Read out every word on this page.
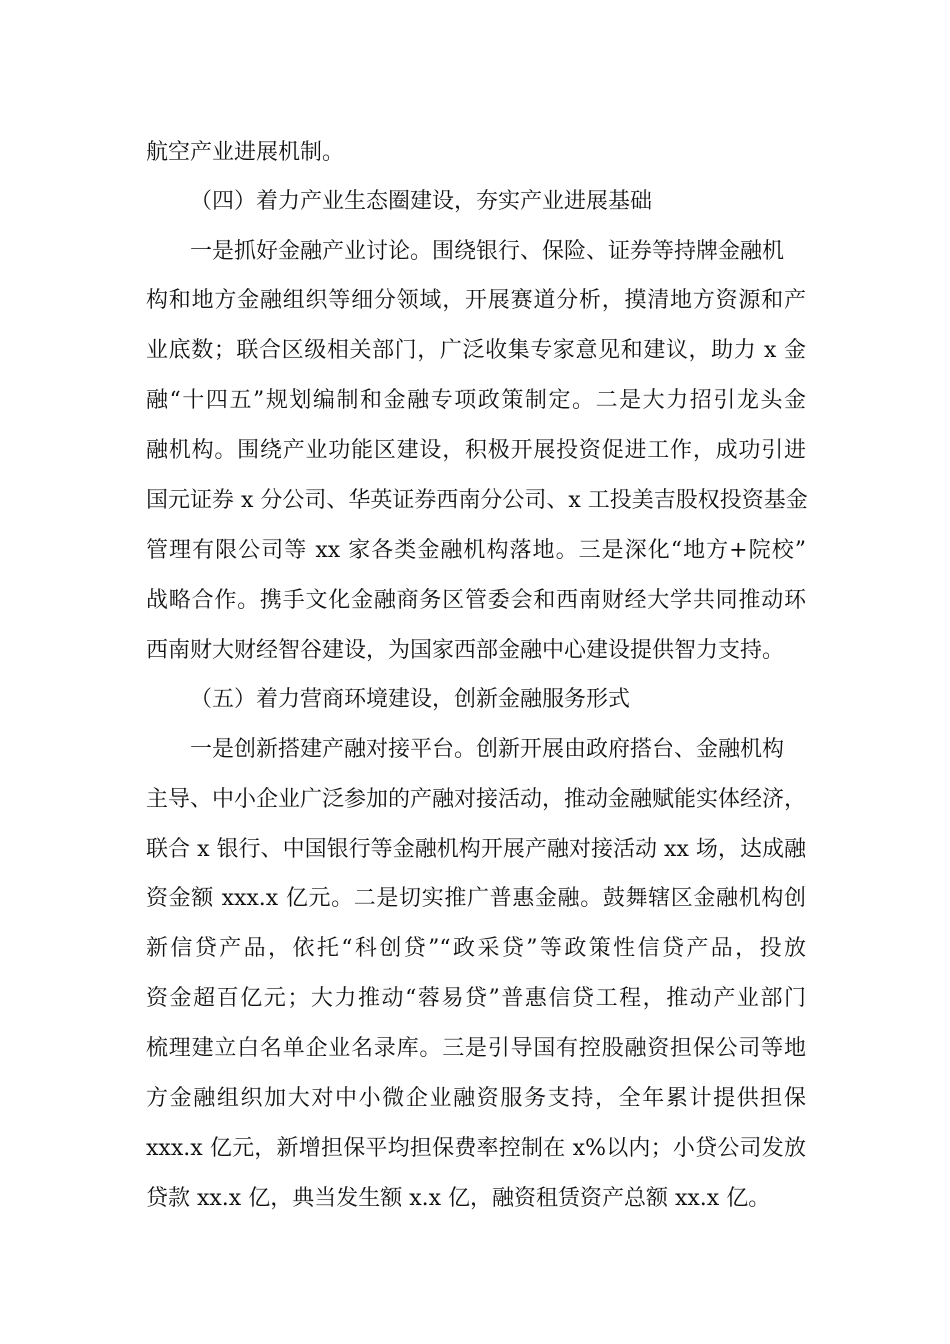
航空产业进展机制。
（四）着力产业生态圈建设，夯实产业进展基础
一是抓好金融产业讨论。围绕银行、保险、证券等持牌金融机
构和地方金融组织等细分领域，开展赛道分析，摸清地方资源和产
业底数；联合区级相关部门，广泛收集专家意见和建议，助力 x 金
融“十四五”规划编制和金融专项政策制定。二是大力招引龙头金
融机构。围绕产业功能区建设，积极开展投资促进工作，成功引进
国元证券 x 分公司、华英证券西南分公司、x 工投美吉股权投资基金
管理有限公司等 xx 家各类金融机构落地。三是深化“地方+院校”
战略合作。携手文化金融商务区管委会和西南财经大学共同推动环
西南财大财经智谷建设，为国家西部金融中心建设提供智力支持。
（五）着力营商环境建设，创新金融服务形式
一是创新搭建产融对接平台。创新开展由政府搭台、金融机构
主导、中小企业广泛参加的产融对接活动，推动金融赋能实体经济，
联合 x 银行、中国银行等金融机构开展产融对接活动 xx 场，达成融
资金额 xxx.x 亿元。二是切实推广普惠金融。鼓舞辖区金融机构创
新信贷产品，依托“科创贷”“政采贷”等政策性信贷产品，投放
资金超百亿元；大力推动“蓉易贷”普惠信贷工程，推动产业部门
梳理建立白名单企业名录库。三是引导国有控股融资担保公司等地
方金融组织加大对中小微企业融资服务支持，全年累计提供担保
xxx.x 亿元，新增担保平均担保费率控制在 x%以内；小贷公司发放
贷款 xx.x 亿，典当发生额 x.x 亿，融资租赁资产总额 xx.x 亿。
